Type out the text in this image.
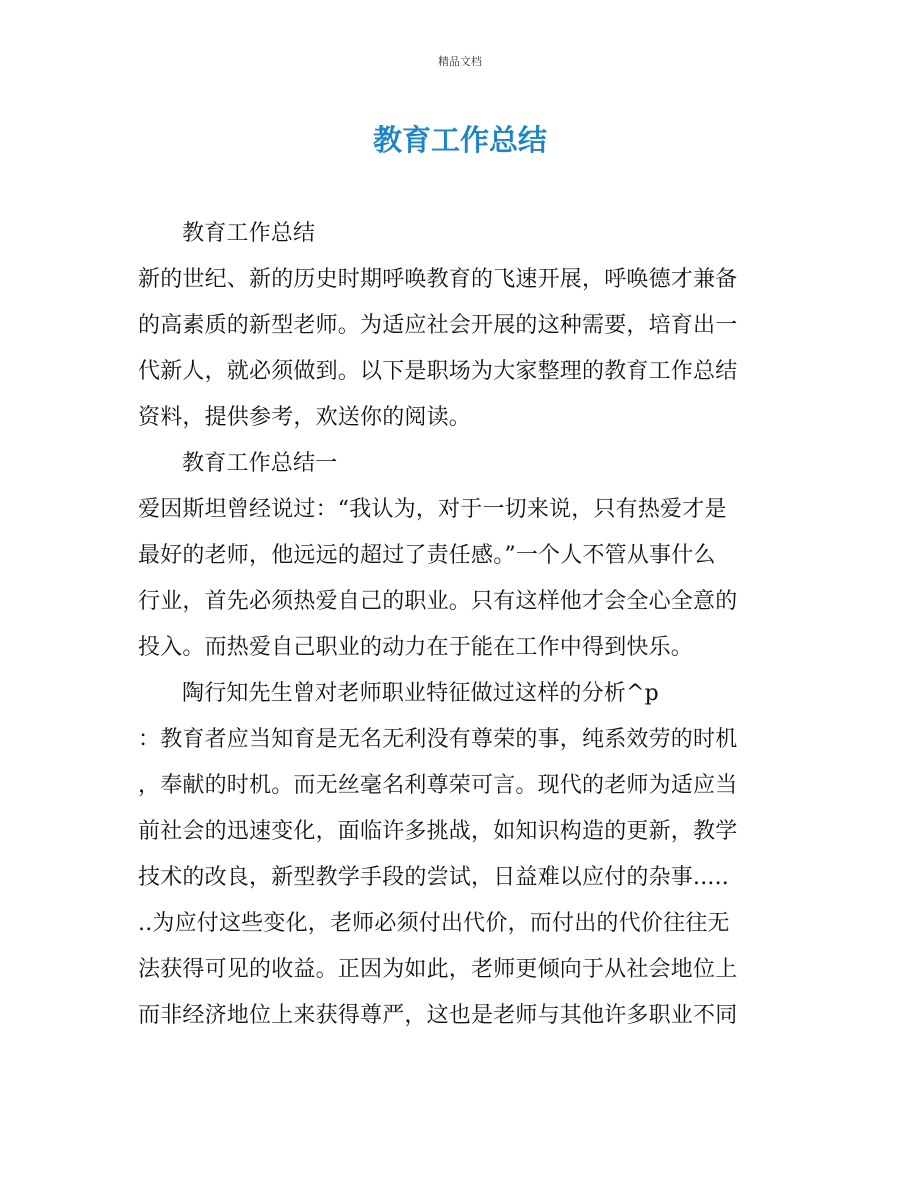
精品文档
教育工作总结
教育工作总结
新的世纪、新的历史时期呼唤教育的飞速开展，呼唤德才兼备
的高素质的新型老师。为适应社会开展的这种需要，培育出一
代新人，就必须做到。以下是职场为大家整理的教育工作总结
资料，提供参考，欢送你的阅读。
教育工作总结一
爱因斯坦曾经说过：“我认为，对于一切来说，只有热爱才是
最好的老师，他远远的超过了责任感。”一个人不管从事什么
行业，首先必须热爱自己的职业。只有这样他才会全心全意的
投入。而热爱自己职业的动力在于能在工作中得到快乐。
陶行知先生曾对老师职业特征做过这样的分析^p
：教育者应当知育是无名无利没有尊荣的事，纯系效劳的时机
，奉献的时机。而无丝毫名利尊荣可言。现代的老师为适应当
前社会的迅速变化，面临许多挑战，如知识构造的更新，教学
技术的改良，新型教学手段的尝试，日益难以应付的杂事.....
..为应付这些变化，老师必须付出代价，而付出的代价往往无
法获得可见的收益。正因为如此，老师更倾向于从社会地位上
而非经济地位上来获得尊严，这也是老师与其他许多职业不同
